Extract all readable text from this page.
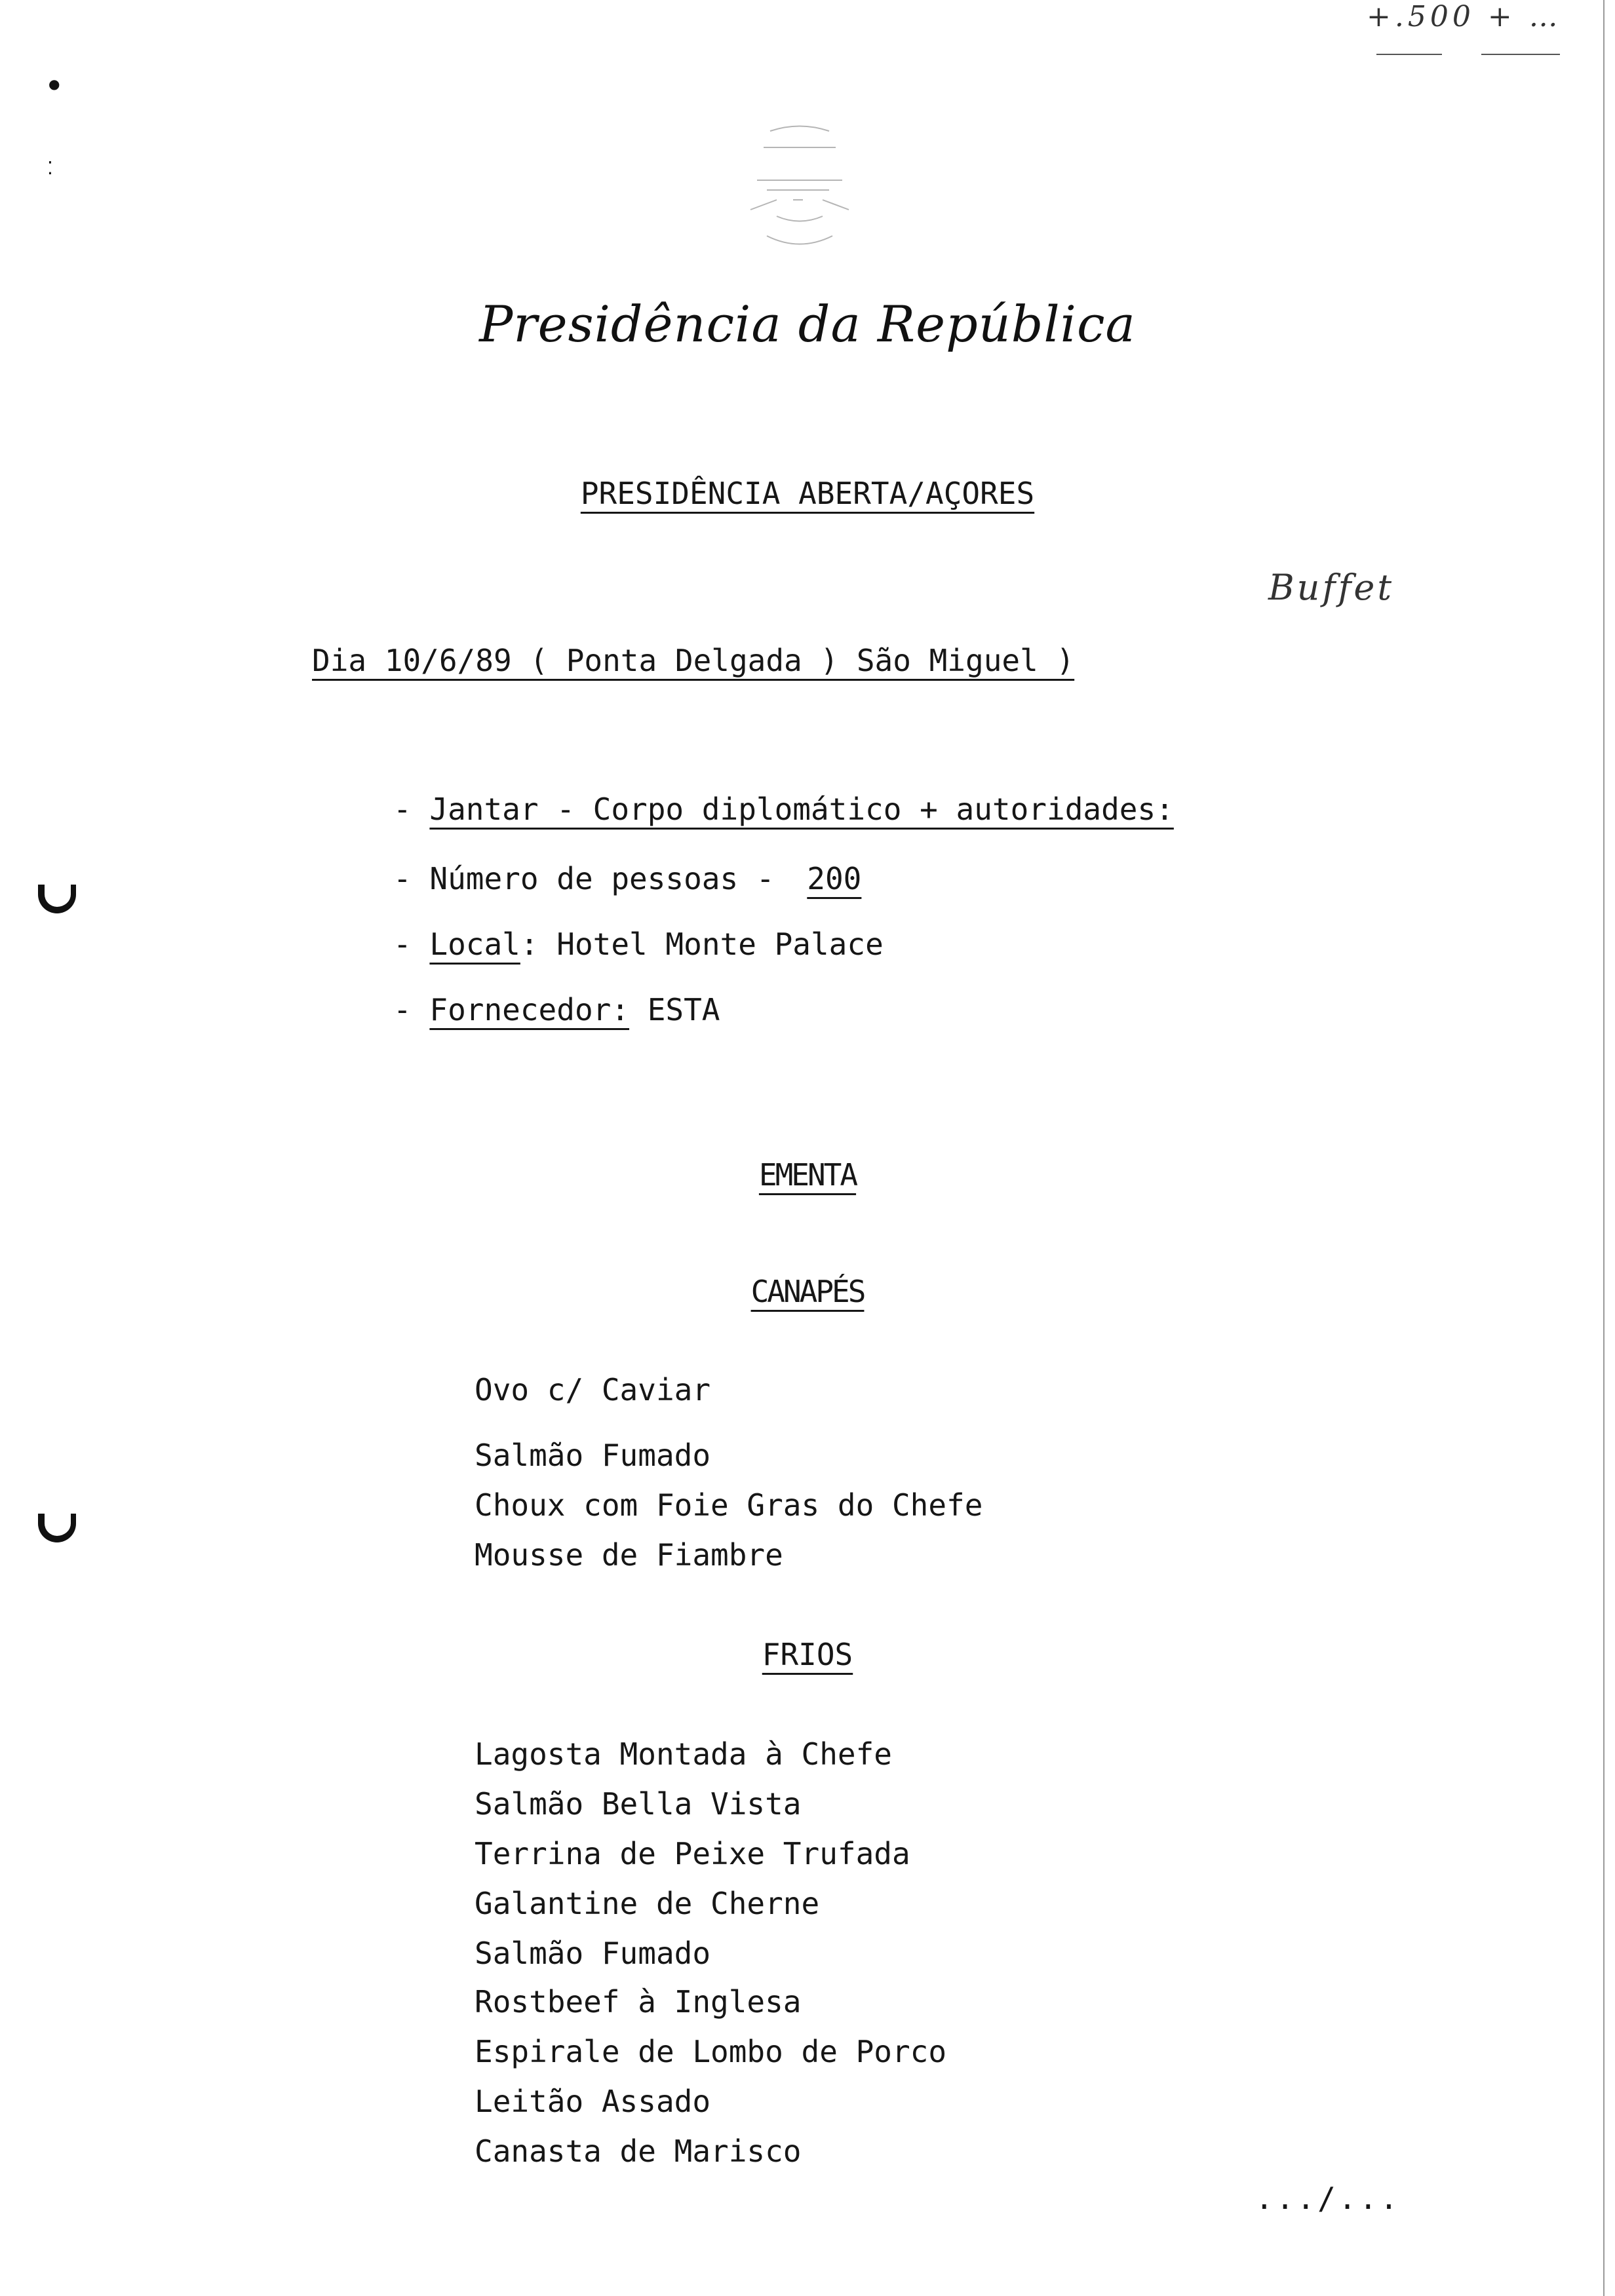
+.500 + …
Buffet
●
⁚
Presidência da República
PRESIDÊNCIA ABERTA/AÇORES
Dia 10/6/89 ( Ponta Delgada ) São Miguel )
- Jantar - Corpo diplomático + autoridades:
- Número de pessoas - 200
- Local: Hotel Monte Palace
- Fornecedor: ESTA
EMENTA
CANAPÉS
Ovo c/ Caviar
Salmão Fumado
Choux com Foie Gras do Chefe
Mousse de Fiambre
FRIOS
Lagosta Montada à Chefe
Salmão Bella Vista
Terrina de Peixe Trufada
Galantine de Cherne
Salmão Fumado
Rostbeef à Inglesa
Espirale de Lombo de Porco
Leitão Assado
Canasta de Marisco
.../...
